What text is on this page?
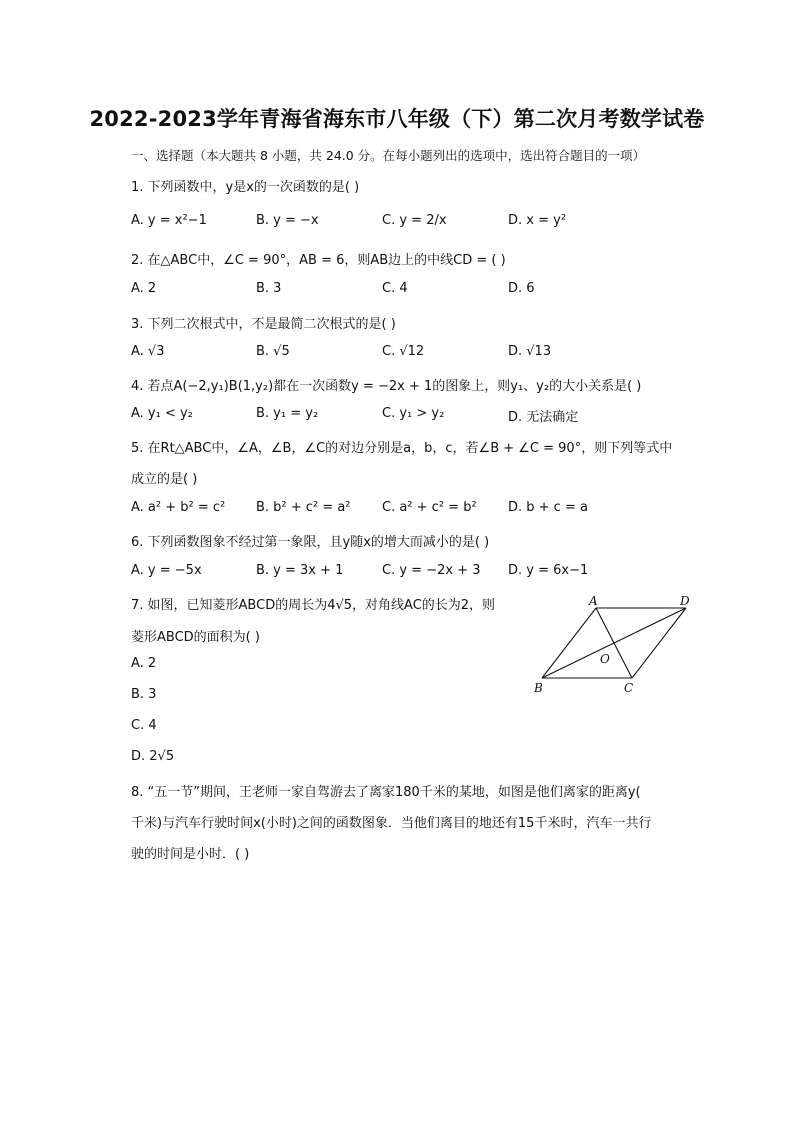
2022-2023学年青海省海东市八年级（下）第二次月考数学试卷
一、选择题（本大题共 8 小题，共 24.0 分。在每小题列出的选项中，选出符合题目的一项）
1. 下列函数中，y是x的一次函数的是( )
A. y = x²−1	B. y = −x	C. y = 2/x	D. x = y²
2. 在△ABC中，∠C = 90°，AB = 6，则AB边上的中线CD = ( )
A. 2	B. 3	C. 4	D. 6
3. 下列二次根式中，不是最简二次根式的是( )
A. √3	B. √5	C. √12	D. √13
4. 若点A(−2,y₁)B(1,y₂)都在一次函数y = −2x + 1的图象上，则y₁、y₂的大小关系是( )
A. y₁ < y₂	B. y₁ = y₂	C. y₁ > y₂	D. 无法确定
5. 在Rt△ABC中，∠A，∠B，∠C的对边分别是a，b，c，若∠B + ∠C = 90°，则下列等式中
成立的是( )
A. a² + b² = c² B. b² + c² = a² C. a² + c² = b² D. b + c = a
6. 下列函数图象不经过第一象限，且y随x的增大而减小的是( )
A. y = −5x	B. y = 3x + 1	C. y = −2x + 3 D. y = 6x−1
7. 如图，已知菱形ABCD的周长为4√5，对角线AC的长为2，则
菱形ABCD的面积为( )
A. 2
B. 3
C. 4
D. 2√5
A	D
O
B	C
8. “五一节”期间，王老师一家自驾游去了离家180千米的某地，如图是他们离家的距离y(
千米)与汽车行驶时间x(小时)之间的函数图象．当他们离目的地还有15千米时，汽车一共行
驶的时间是小时．( )
